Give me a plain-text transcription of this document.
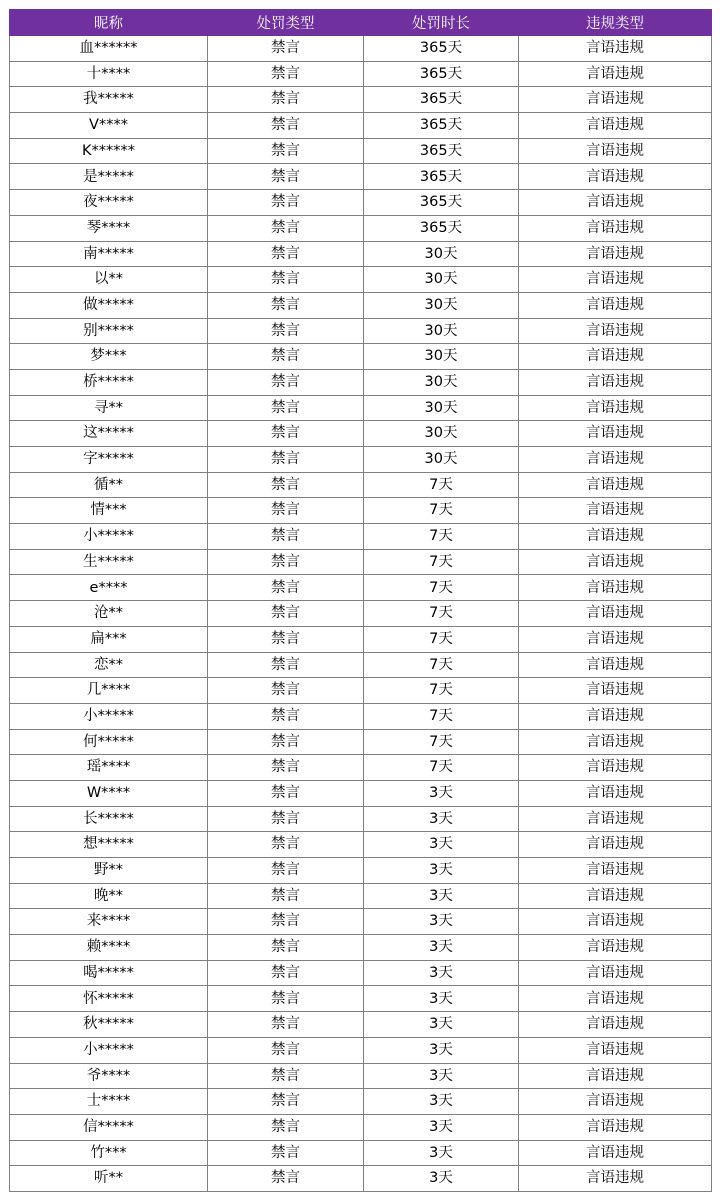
昵称	处罚类型	处罚时长	违规类型
血******	禁言	365天	言语违规
十****	禁言	365天	言语违规
我*****	禁言	365天	言语违规
V****	禁言	365天	言语违规
K******	禁言	365天	言语违规
是*****	禁言	365天	言语违规
夜*****	禁言	365天	言语违规
琴****	禁言	365天	言语违规
南*****	禁言	30天	言语违规
以**	禁言	30天	言语违规
做*****	禁言	30天	言语违规
别*****	禁言	30天	言语违规
梦***	禁言	30天	言语违规
桥*****	禁言	30天	言语违规
寻**	禁言	30天	言语违规
这*****	禁言	30天	言语违规
字*****	禁言	30天	言语违规
循**	禁言	7天	言语违规
情***	禁言	7天	言语违规
小*****	禁言	7天	言语违规
生*****	禁言	7天	言语违规
e****	禁言	7天	言语违规
沧**	禁言	7天	言语违规
扁***	禁言	7天	言语违规
恋**	禁言	7天	言语违规
几****	禁言	7天	言语违规
小*****	禁言	7天	言语违规
何*****	禁言	7天	言语违规
瑶****	禁言	7天	言语违规
W****	禁言	3天	言语违规
长*****	禁言	3天	言语违规
想*****	禁言	3天	言语违规
野**	禁言	3天	言语违规
晚**	禁言	3天	言语违规
来****	禁言	3天	言语违规
赖****	禁言	3天	言语违规
喝*****	禁言	3天	言语违规
怀*****	禁言	3天	言语违规
秋*****	禁言	3天	言语违规
小*****	禁言	3天	言语违规
爷****	禁言	3天	言语违规
士****	禁言	3天	言语违规
信*****	禁言	3天	言语违规
竹***	禁言	3天	言语违规
听**	禁言	3天	言语违规
